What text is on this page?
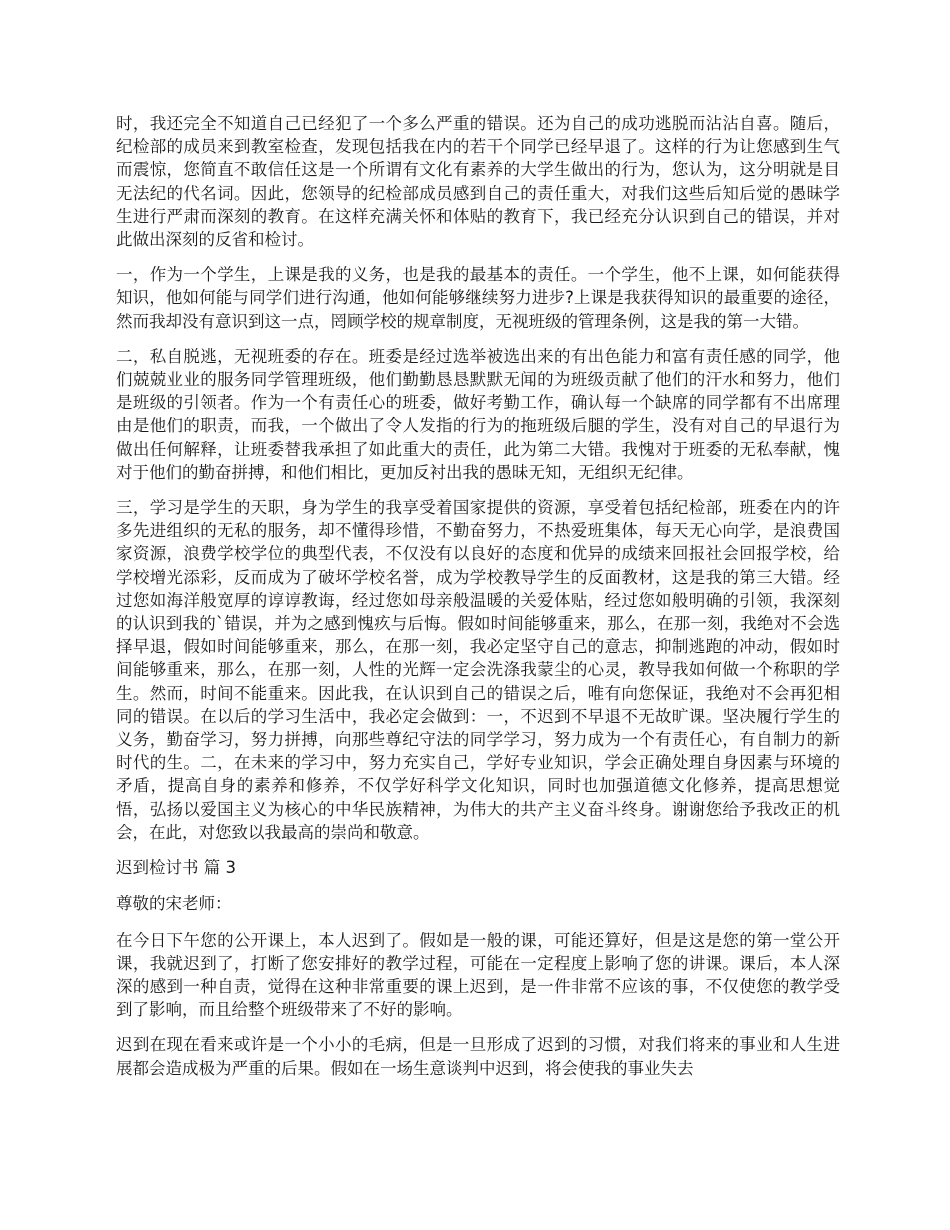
时，我还完全不知道自己已经犯了一个多么严重的错误。还为自己的成功逃脱而沾沾自喜。随后，纪检部的成员来到教室检查，发现包括我在内的若干个同学已经早退了。这样的行为让您感到生气而震惊，您简直不敢信任这是一个所谓有文化有素养的大学生做出的行为，您认为，这分明就是目无法纪的代名词。因此，您领导的纪检部成员感到自己的责任重大，对我们这些后知后觉的愚昧学生进行严肃而深刻的教育。在这样充满关怀和体贴的教育下，我已经充分认识到自己的错误，并对此做出深刻的反省和检讨。

一，作为一个学生，上课是我的义务，也是我的最基本的责任。一个学生，他不上课，如何能获得知识，他如何能与同学们进行沟通，他如何能够继续努力进步?上课是我获得知识的最重要的途径，然而我却没有意识到这一点，罔顾学校的规章制度，无视班级的管理条例，这是我的第一大错。

二，私自脱逃，无视班委的存在。班委是经过选举被选出来的有出色能力和富有责任感的同学，他们兢兢业业的服务同学管理班级，他们勤勤恳恳默默无闻的为班级贡献了他们的汗水和努力，他们是班级的引领者。作为一个有责任心的班委，做好考勤工作，确认每一个缺席的同学都有不出席理由是他们的职责，而我，一个做出了令人发指的行为的拖班级后腿的学生，没有对自己的早退行为做出任何解释，让班委替我承担了如此重大的责任，此为第二大错。我愧对于班委的无私奉献，愧对于他们的勤奋拼搏，和他们相比，更加反衬出我的愚昧无知，无组织无纪律。

三，学习是学生的天职，身为学生的我享受着国家提供的资源，享受着包括纪检部，班委在内的许多先进组织的无私的服务，却不懂得珍惜，不勤奋努力，不热爱班集体，每天无心向学，是浪费国家资源，浪费学校学位的典型代表，不仅没有以良好的态度和优异的成绩来回报社会回报学校，给学校增光添彩，反而成为了破坏学校名誉，成为学校教导学生的反面教材，这是我的第三大错。经过您如海洋般宽厚的谆谆教诲，经过您如母亲般温暖的关爱体贴，经过您如般明确的引领，我深刻的认识到我的`错误，并为之感到愧疚与后悔。假如时间能够重来，那么，在那一刻，我绝对不会选择早退，假如时间能够重来，那么，在那一刻，我必定坚守自己的意志，抑制逃跑的冲动，假如时间能够重来，那么，在那一刻，人性的光辉一定会洗涤我蒙尘的心灵，教导我如何做一个称职的学生。然而，时间不能重来。因此我，在认识到自己的错误之后，唯有向您保证，我绝对不会再犯相同的错误。在以后的学习生活中，我必定会做到：一，不迟到不早退不无故旷课。坚决履行学生的义务，勤奋学习，努力拼搏，向那些尊纪守法的同学学习，努力成为一个有责任心，有自制力的新时代的生。二，在未来的学习中，努力充实自己，学好专业知识，学会正确处理自身因素与环境的矛盾，提高自身的素养和修养，不仅学好科学文化知识，同时也加强道德文化修养，提高思想觉悟，弘扬以爱国主义为核心的中华民族精神，为伟大的共产主义奋斗终身。谢谢您给予我改正的机会，在此，对您致以我最高的崇尚和敬意。

迟到检讨书 篇 3

尊敬的宋老师：

在今日下午您的公开课上，本人迟到了。假如是一般的课，可能还算好，但是这是您的第一堂公开课，我就迟到了，打断了您安排好的教学过程，可能在一定程度上影响了您的讲课。课后，本人深深的感到一种自责，觉得在这种非常重要的课上迟到，是一件非常不应该的事，不仅使您的教学受到了影响，而且给整个班级带来了不好的影响。

迟到在现在看来或许是一个小小的毛病，但是一旦形成了迟到的习惯，对我们将来的事业和人生进展都会造成极为严重的后果。假如在一场生意谈判中迟到，将会使我的事业失去
